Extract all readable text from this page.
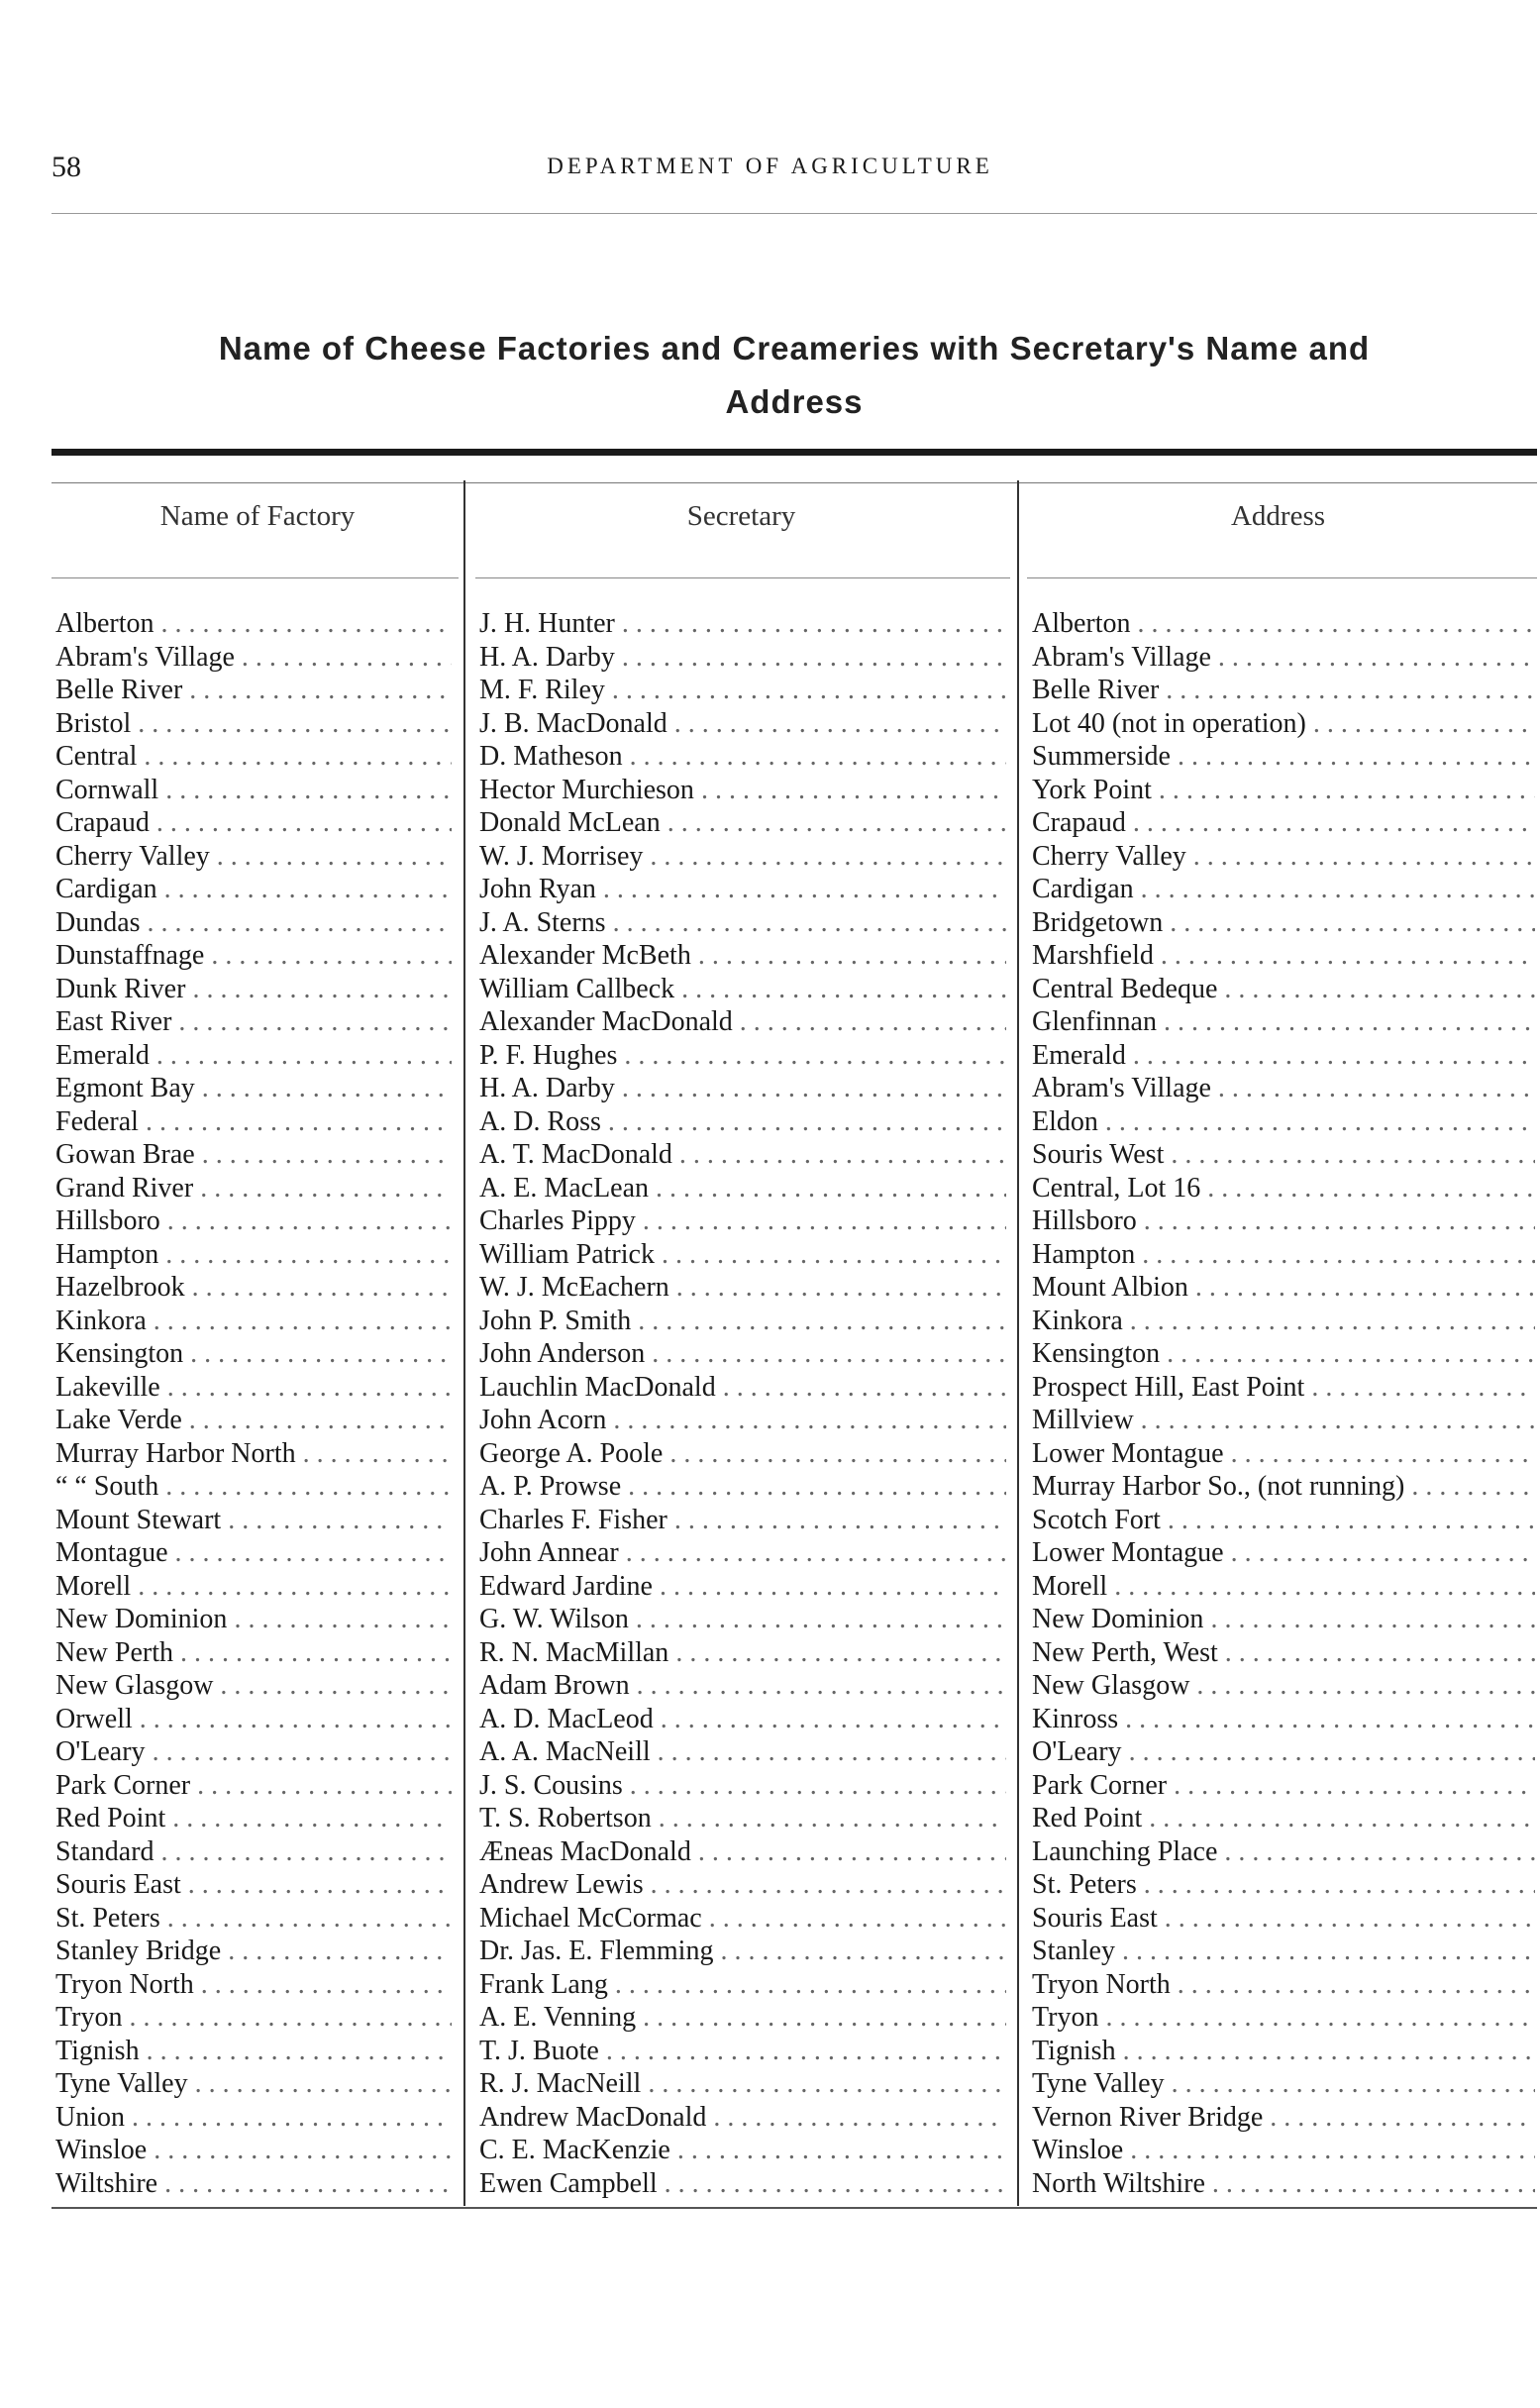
58	DEPARTMENT OF AGRICULTURE
Name of Cheese Factories and Creameries with Secretary's Name and
Address
Name of Factory	Secretary	Address
Alberton . . .	J. H. Hunter . . .	Alberton . . .
Abram's Village . . .	H. A. Darby . . .	Abram's Village . . .
Belle River . . .	M. F. Riley . . .	Belle River . . .
Bristol . . .	J. B. MacDonald . . .	Lot 40 (not in operation) . . .
Central . . .	D. Matheson . . .	Summerside . . .
Cornwall . . .	Hector Murchieson . . .	York Point . . .
Crapaud . . .	Donald McLean . . .	Crapaud . . .
Cherry Valley . . .	W. J. Morrisey . . .	Cherry Valley . . .
Cardigan . . .	John Ryan . . .	Cardigan . . .
Dundas . . .	J. A. Sterns . . .	Bridgetown . . .
Dunstaffnage . . .	Alexander McBeth . . .	Marshfield . . .
Dunk River . . .	William Callbeck . . .	Central Bedeque . . .
East River . . .	Alexander MacDonald . . .	Glenfinnan . . .
Emerald . . .	P. F. Hughes . . .	Emerald . . .
Egmont Bay . . .	H. A. Darby . . .	Abram's Village . . .
Federal . . .	A. D. Ross . . .	Eldon . . .
Gowan Brae . . .	A. T. MacDonald . . .	Souris West . . .
Grand River . . .	A. E. MacLean . . .	Central, Lot 16 . . .
Hillsboro . . .	Charles Pippy . . .	Hillsboro . . .
Hampton . . .	William Patrick . . .	Hampton . . .
Hazelbrook . . .	W. J. McEachern . . .	Mount Albion . . .
Kinkora . . .	John P. Smith . . .	Kinkora . . .
Kensington . . .	John Anderson . . .	Kensington . . .
Lakeville . . .	Lauchlin MacDonald . . .	Prospect Hill, East Point . . .
Lake Verde . . .	John Acorn . . .	Millview . . .
Murray Harbor North . . .	George A. Poole . . .	Lower Montague . . .
“ “ South . . .	A. P. Prowse . . .	Murray Harbor So., (not running) . . .
Mount Stewart . . .	Charles F. Fisher . . .	Scotch Fort . . .
Montague . . .	John Annear . . .	Lower Montague . . .
Morell . . .	Edward Jardine . . .	Morell . . .
New Dominion . . .	G. W. Wilson . . .	New Dominion . . .
New Perth . . .	R. N. MacMillan . . .	New Perth, West . . .
New Glasgow . . .	Adam Brown . . .	New Glasgow . . .
Orwell . . .	A. D. MacLeod . . .	Kinross . . .
O'Leary . . .	A. A. MacNeill . . .	O'Leary . . .
Park Corner . . .	J. S. Cousins . . .	Park Corner . . .
Red Point . . .	T. S. Robertson . . .	Red Point . . .
Standard . . .	Æneas MacDonald . . .	Launching Place . . .
Souris East . . .	Andrew Lewis . . .	St. Peters . . .
St. Peters . . .	Michael McCormac . . .	Souris East . . .
Stanley Bridge . . .	Dr. Jas. E. Flemming . . .	Stanley . . .
Tryon North . . .	Frank Lang . . .	Tryon North . . .
Tryon . . .	A. E. Venning . . .	Tryon . . .
Tignish . . .	T. J. Buote . . .	Tignish . . .
Tyne Valley . . .	R. J. MacNeill . . .	Tyne Valley . . .
Union . . .	Andrew MacDonald . . .	Vernon River Bridge . . .
Winsloe . . .	C. E. MacKenzie . . .	Winsloe . . .
Wiltshire . . .	Ewen Campbell . . .	North Wiltshire . . .
